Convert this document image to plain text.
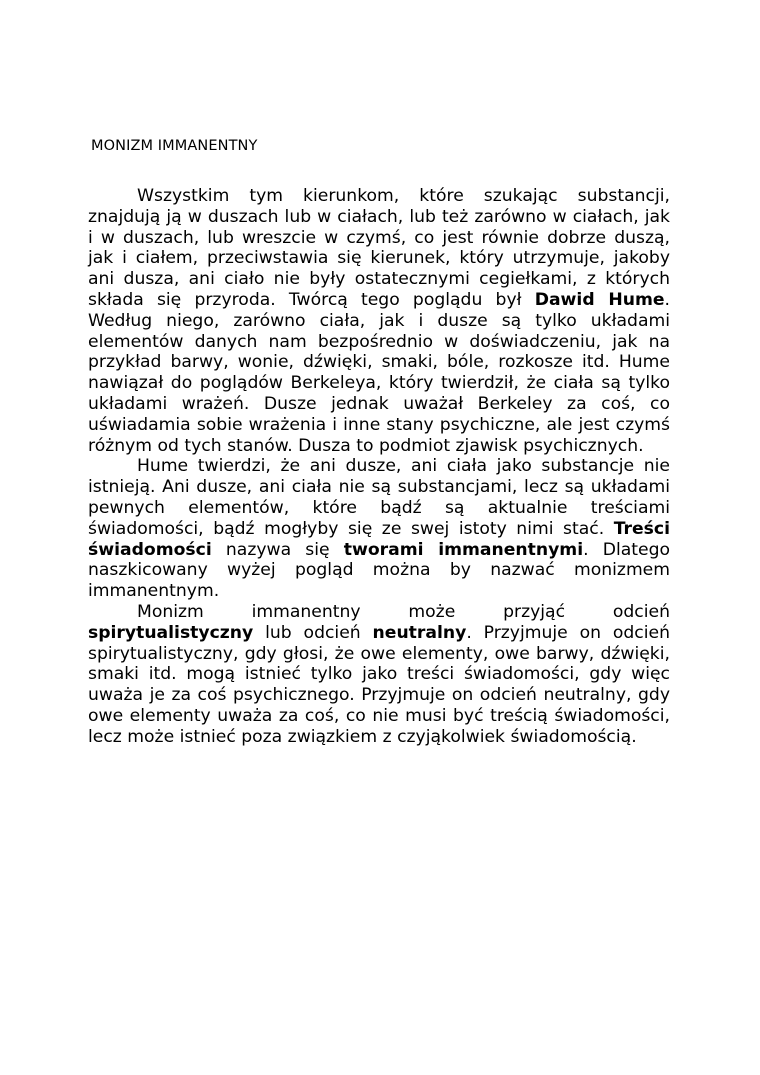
MONIZM IMMANENTNY

Wszystkim tym kierunkom, które szukając substancji, znajdują ją w duszach lub w ciałach, lub też zarówno w ciałach, jak i w duszach, lub wreszcie w czymś, co jest równie dobrze duszą, jak i ciałem, przeciwstawia się kierunek, który utrzymuje, jakoby ani dusza, ani ciało nie były ostatecznymi cegiełkami, z których składa się przyroda. Twórcą tego poglądu był Dawid Hume. Według niego, zarówno ciała, jak i dusze są tylko układami elementów danych nam bezpośrednio w doświadczeniu, jak na przykład barwy, wonie, dźwięki, smaki, bóle, rozkosze itd. Hume nawiązał do poglądów Berkeleya, który twierdził, że ciała są tylko układami wrażeń. Dusze jednak uważał Berkeley za coś, co uświadamia sobie wrażenia i inne stany psychiczne, ale jest czymś różnym od tych stanów. Dusza to podmiot zjawisk psychicznych.

Hume twierdzi, że ani dusze, ani ciała jako substancje nie istnieją. Ani dusze, ani ciała nie są substancjami, lecz są układami pewnych elementów, które bądź są aktualnie treściami świadomości, bądź mogłyby się ze swej istoty nimi stać. Treści świadomości nazywa się tworami immanentnymi. Dlatego naszkicowany wyżej pogląd można by nazwać monizmem immanentnym.

Monizm immanentny może przyjąć odcień spirytualistyczny lub odcień neutralny. Przyjmuje on odcień spirytualistyczny, gdy głosi, że owe elementy, owe barwy, dźwięki, smaki itd. mogą istnieć tylko jako treści świadomości, gdy więc uważa je za coś psychicznego. Przyjmuje on odcień neutralny, gdy owe elementy uważa za coś, co nie musi być treścią świadomości, lecz może istnieć poza związkiem z czyjąkolwiek świadomością.
